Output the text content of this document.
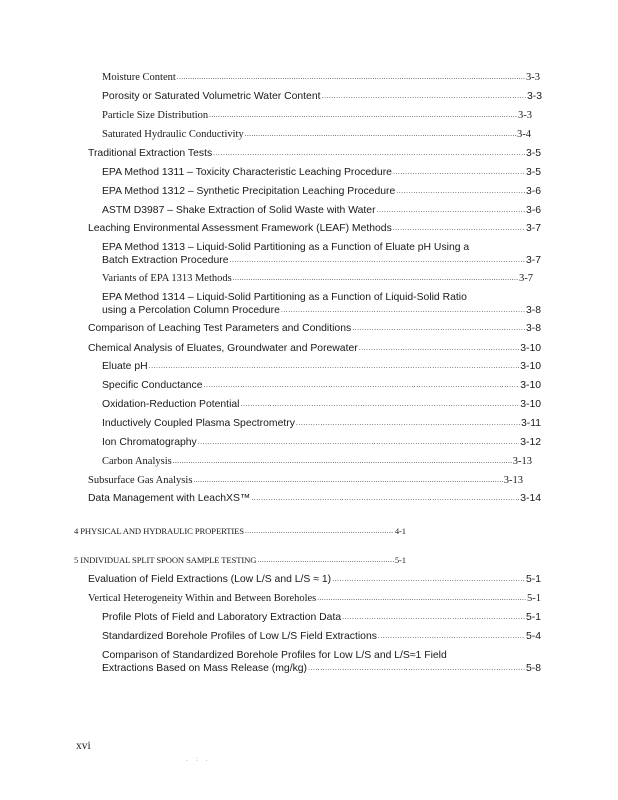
Moisture Content .....	3-3
Porosity or Saturated Volumetric Water Content .....	3-3
Particle Size Distribution .....	3-3
Saturated Hydraulic Conductivity .....	3-4
Traditional Extraction Tests .....	3-5
EPA Method 1311 – Toxicity Characteristic Leaching Procedure .....	3-5
EPA Method 1312 – Synthetic Precipitation Leaching Procedure .....	3-6
ASTM D3987 – Shake Extraction of Solid Waste with Water .....	3-6
Leaching Environmental Assessment Framework (LEAF) Methods .....	3-7
EPA Method 1313 – Liquid-Solid Partitioning as a Function of Eluate pH Using a
Batch Extraction Procedure .....	3-7
Variants of EPA 1313 Methods .....	3-7
EPA Method 1314 – Liquid-Solid Partitioning as a Function of Liquid-Solid Ratio
using a Percolation Column Procedure .....	3-8
Comparison of Leaching Test Parameters and Conditions .....	3-8
Chemical Analysis of Eluates, Groundwater and Porewater .....	3-10
Eluate pH .....	3-10
Specific Conductance .....	3-10
Oxidation-Reduction Potential .....	3-10
Inductively Coupled Plasma Spectrometry .....	3-11
Ion Chromatography .....	3-12
Carbon Analysis .....	3-13
Subsurface Gas Analysis .....	3-13
Data Management with LeachXS™ .....	3-14
4 PHYSICAL AND HYDRAULIC PROPERTIES .....	4-1
5 INDIVIDUAL SPLIT SPOON SAMPLE TESTING .....	5-1
Evaluation of Field Extractions (Low L/S and L/S ≈ 1) .....	5-1
Vertical Heterogeneity Within and Between Boreholes .....	5-1
Profile Plots of Field and Laboratory Extraction Data .....	5-1
Standardized Borehole Profiles of Low L/S Field Extractions .....	5-4
Comparison of Standardized Borehole Profiles for Low L/S and L/S≈1 Field
Extractions Based on Mass Release (mg/kg) .....	5-8
xvi
. : .
